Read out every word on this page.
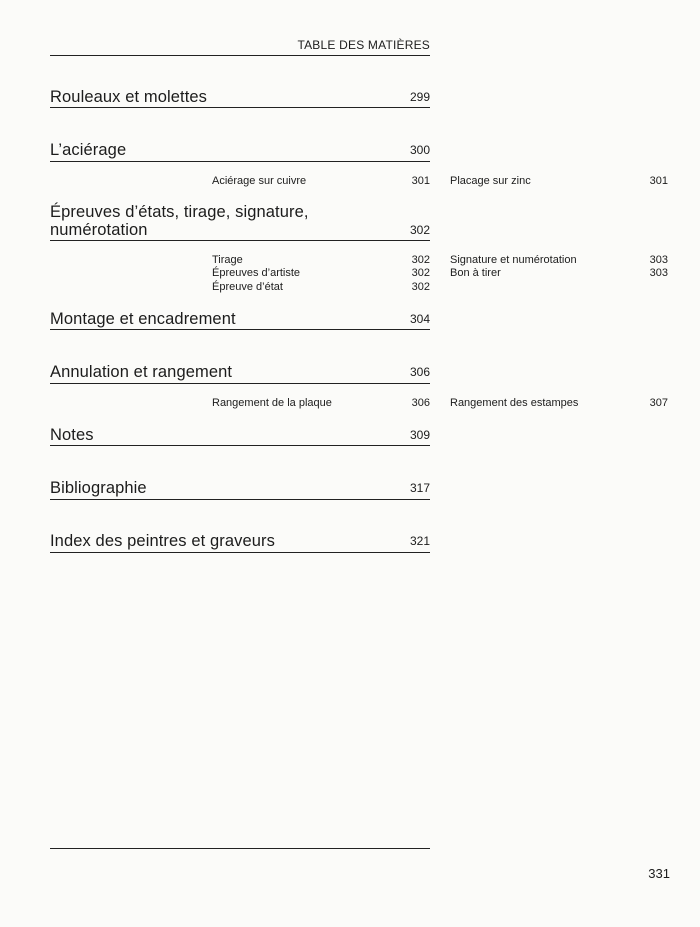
TABLE DES MATIÈRES
Rouleaux et molettes	299
L’aciérage	300
Aciérage sur cuivre	301 Placage sur zinc	301
Épreuves d’états, tirage, signature,
numérotation	302
Tirage	302
Épreuves d’artiste	302
Épreuve d’état	302
Signature et numérotation	303
Bon à tirer	303
Montage et encadrement	304
Annulation et rangement	306
Rangement de la plaque	306 Rangement des estampes	307
Notes	309
Bibliographie	317
Index des peintres et graveurs	321
331
